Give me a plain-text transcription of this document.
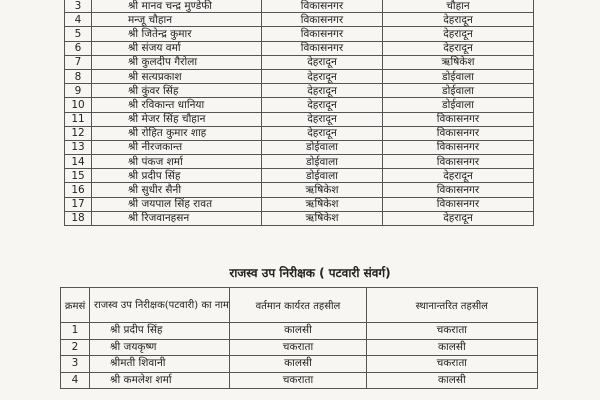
3	श्री मानव चन्द्र मुण्डेफी	विकासनगर	चौहान
4	मन्जू चौहान	विकासनगर	देहरादून
5	श्री जितेन्द्र कुमार	विकासनगर	देहरादून
6	श्री संजय वर्मा	विकासनगर	देहरादून
7	श्री कुलदीप गैरोला	देहरादून	ऋषिकेश
8	श्री सत्यप्रकाश	देहरादून	डोईवाला
9	श्री कुंवर सिंह	देहरादून	डोईवाला
10	श्री रविकान्त धानिया	देहरादून	डोईवाला
11	श्री मेजर सिंह चौहान	देहरादून	विकासनगर
12	श्री रोहित कुमार शाह	देहरादून	विकासनगर
13	श्री नीरजकान्त	डोईवाला	विकासनगर
14	श्री पंकज शर्मा	डोईवाला	विकासनगर
15	श्री प्रदीप सिंह	डोईवाला	देहरादून
16	श्री सुधीर सैनी	ऋषिकेश	विकासनगर
17	श्री जयपाल सिंह रावत	ऋषिकेश	विकासनगर
18	श्री रिजवानहसन	ऋषिकेश	देहरादून
राजस्व उप निरीक्षक ( पटवारी संवर्ग)
क्रमसं	राजस्व उप निरीक्षक(पटवारी) का नाम	वर्तमान कार्यरत तहसील	स्थानान्तरित तहसील
1	श्री प्रदीप सिंह	कालसी	चकराता
2	श्री जयकृष्ण	चकराता	कालसी
3	श्रीमती शिवानी	कालसी	चकराता
4	श्री कमलेश शर्मा	चकराता	कालसी
